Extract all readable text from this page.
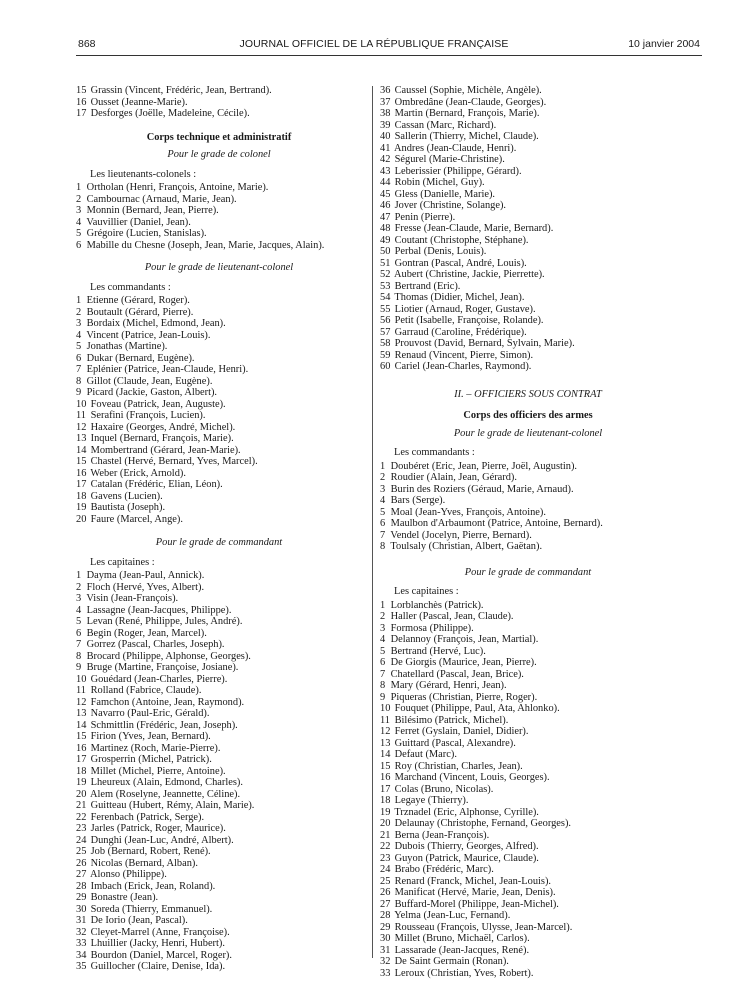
868	JOURNAL OFFICIEL DE LA RÉPUBLIQUE FRANÇAISE	10 janvier 2004
15 Grassin (Vincent, Frédéric, Jean, Bertrand).
16 Ousset (Jeanne-Marie).
17 Desforges (Joëlle, Madeleine, Cécile).
Corps technique et administratif
Pour le grade de colonel
Les lieutenants-colonels :
1 Ortholan (Henri, François, Antoine, Marie).
2 Cambournac (Arnaud, Marie, Jean).
3 Monnin (Bernard, Jean, Pierre).
4 Vauvillier (Daniel, Jean).
5 Grégoire (Lucien, Stanislas).
6 Mabille du Chesne (Joseph, Jean, Marie, Jacques, Alain).
Pour le grade de lieutenant-colonel
Les commandants :
1 Etienne (Gérard, Roger).
2 Boutault (Gérard, Pierre).
3 Bordaix (Michel, Edmond, Jean).
4 Vincent (Patrice, Jean-Louis).
5 Jonathas (Martine).
6 Dukar (Bernard, Eugène).
7 Eplénier (Patrice, Jean-Claude, Henri).
8 Gillot (Claude, Jean, Eugène).
9 Picard (Jackie, Gaston, Albert).
10 Foveau (Patrick, Jean, Auguste).
11 Serafini (François, Lucien).
12 Haxaire (Georges, André, Michel).
13 Inquel (Bernard, François, Marie).
14 Mombertrand (Gérard, Jean-Marie).
15 Chastel (Hervé, Bernard, Yves, Marcel).
16 Weber (Erick, Arnold).
17 Catalan (Frédéric, Elian, Léon).
18 Gavens (Lucien).
19 Bautista (Joseph).
20 Faure (Marcel, Ange).
Pour le grade de commandant
Les capitaines :
1 Dayma (Jean-Paul, Annick).
2 Floch (Hervé, Yves, Albert).
3 Visin (Jean-François).
4 Lassagne (Jean-Jacques, Philippe).
5 Levan (René, Philippe, Jules, André).
6 Begin (Roger, Jean, Marcel).
7 Gorrez (Pascal, Charles, Joseph).
8 Brocard (Philippe, Alphonse, Georges).
9 Bruge (Martine, Françoise, Josiane).
10 Gouédard (Jean-Charles, Pierre).
11 Rolland (Fabrice, Claude).
12 Famchon (Antoine, Jean, Raymond).
13 Navarro (Paul-Eric, Gérald).
14 Schmittlin (Frédéric, Jean, Joseph).
15 Firion (Yves, Jean, Bernard).
16 Martinez (Roch, Marie-Pierre).
17 Grosperrin (Michel, Patrick).
18 Millet (Michel, Pierre, Antoine).
19 Lheureux (Alain, Edmond, Charles).
20 Alem (Roselyne, Jeannette, Céline).
21 Guitteau (Hubert, Rémy, Alain, Marie).
22 Ferenbach (Patrick, Serge).
23 Jarles (Patrick, Roger, Maurice).
24 Dunghi (Jean-Luc, André, Albert).
25 Job (Bernard, Robert, René).
26 Nicolas (Bernard, Alban).
27 Alonso (Philippe).
28 Imbach (Erick, Jean, Roland).
29 Bonastre (Jean).
30 Soreda (Thierry, Emmanuel).
31 De Iorio (Jean, Pascal).
32 Cleyet-Marrel (Anne, Françoise).
33 Lhuillier (Jacky, Henri, Hubert).
34 Bourdon (Daniel, Marcel, Roger).
35 Guillocher (Claire, Denise, Ida).
36 Caussel (Sophie, Michèle, Angèle).
37 Ombredâne (Jean-Claude, Georges).
38 Martin (Bernard, François, Marie).
39 Cassan (Marc, Richard).
40 Sallerin (Thierry, Michel, Claude).
41 Andres (Jean-Claude, Henri).
42 Ségurel (Marie-Christine).
43 Leberissier (Philippe, Gérard).
44 Robin (Michel, Guy).
45 Gless (Danielle, Marie).
46 Jover (Christine, Solange).
47 Penin (Pierre).
48 Fresse (Jean-Claude, Marie, Bernard).
49 Coutant (Christophe, Stéphane).
50 Perbal (Denis, Louis).
51 Gontran (Pascal, André, Louis).
52 Aubert (Christine, Jackie, Pierrette).
53 Bertrand (Eric).
54 Thomas (Didier, Michel, Jean).
55 Liotier (Arnaud, Roger, Gustave).
56 Petit (Isabelle, Françoise, Rolande).
57 Garraud (Caroline, Frédérique).
58 Prouvost (David, Bernard, Sylvain, Marie).
59 Renaud (Vincent, Pierre, Simon).
60 Cariel (Jean-Charles, Raymond).
II. – OFFICIERS SOUS CONTRAT
Corps des officiers des armes
Pour le grade de lieutenant-colonel
Les commandants :
1 Doubéret (Eric, Jean, Pierre, Joël, Augustin).
2 Roudier (Alain, Jean, Gérard).
3 Burin des Roziers (Géraud, Marie, Arnaud).
4 Bars (Serge).
5 Moal (Jean-Yves, François, Antoine).
6 Maulbon d'Arbaumont (Patrice, Antoine, Bernard).
7 Vendel (Jocelyn, Pierre, Bernard).
8 Toulsaly (Christian, Albert, Gaëtan).
Pour le grade de commandant
Les capitaines :
1 Lorblanchès (Patrick).
2 Haller (Pascal, Jean, Claude).
3 Formosa (Philippe).
4 Delannoy (François, Jean, Martial).
5 Bertrand (Hervé, Luc).
6 De Giorgis (Maurice, Jean, Pierre).
7 Chatellard (Pascal, Jean, Brice).
8 Mary (Gérard, Henri, Jean).
9 Piqueras (Christian, Pierre, Roger).
10 Fouquet (Philippe, Paul, Ata, Ahlonko).
11 Bilésimo (Patrick, Michel).
12 Ferret (Gyslain, Daniel, Didier).
13 Guittard (Pascal, Alexandre).
14 Defaut (Marc).
15 Roy (Christian, Charles, Jean).
16 Marchand (Vincent, Louis, Georges).
17 Colas (Bruno, Nicolas).
18 Legaye (Thierry).
19 Trznadel (Eric, Alphonse, Cyrille).
20 Delaunay (Christophe, Fernand, Georges).
21 Berna (Jean-François).
22 Dubois (Thierry, Georges, Alfred).
23 Guyon (Patrick, Maurice, Claude).
24 Brabo (Frédéric, Marc).
25 Renard (Franck, Michel, Jean-Louis).
26 Manificat (Hervé, Marie, Jean, Denis).
27 Buffard-Morel (Philippe, Jean-Michel).
28 Yelma (Jean-Luc, Fernand).
29 Rousseau (François, Ulysse, Jean-Marcel).
30 Millet (Bruno, Michaël, Carlos).
31 Lassarade (Jean-Jacques, René).
32 De Saint Germain (Ronan).
33 Leroux (Christian, Yves, Robert).
